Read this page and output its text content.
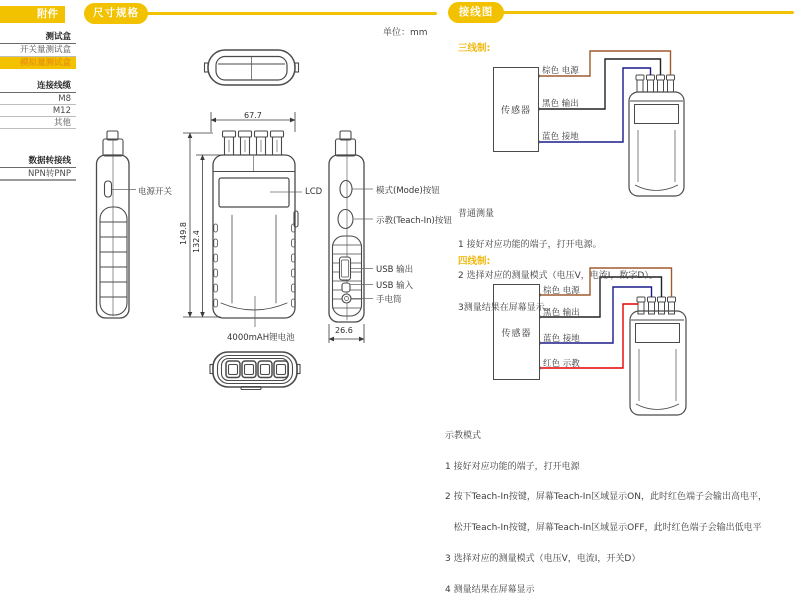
附件	尺寸规格	接线图
单位：mm
测试盒
开关量测试盒
模拟量测试盒
连接线缆
M8
M12
其他
数据转接线
NPN转PNP
67.7
149.8 132.4
26.6
电源开关	LCD
4000mAH锂电池
模式(Mode)按钮
示教(Teach-In)按钮
USB 输出
USB 输入
手电筒
三线制:
传感器
棕色 电源
黑色 输出
蓝色 接地

普通测量

1 接好对应功能的端子，打开电源。

2 选择对应的测量模式（电压V，电流I，数字D）。

3测量结果在屏幕显示。

四线制:
传感器
棕色 电源
黑色 输出
蓝色 接地
红色 示教

示教模式

1 接好对应功能的端子，打开电源

2 按下Teach-In按键，屏幕Teach-In区域显示ON，此时红色端子会输出高电平，

松开Teach-In按键，屏幕Teach-In区域显示OFF，此时红色端子会输出低电平

3 选择对应的测量模式（电压V，电流I，开关D）

4 测量结果在屏幕显示
